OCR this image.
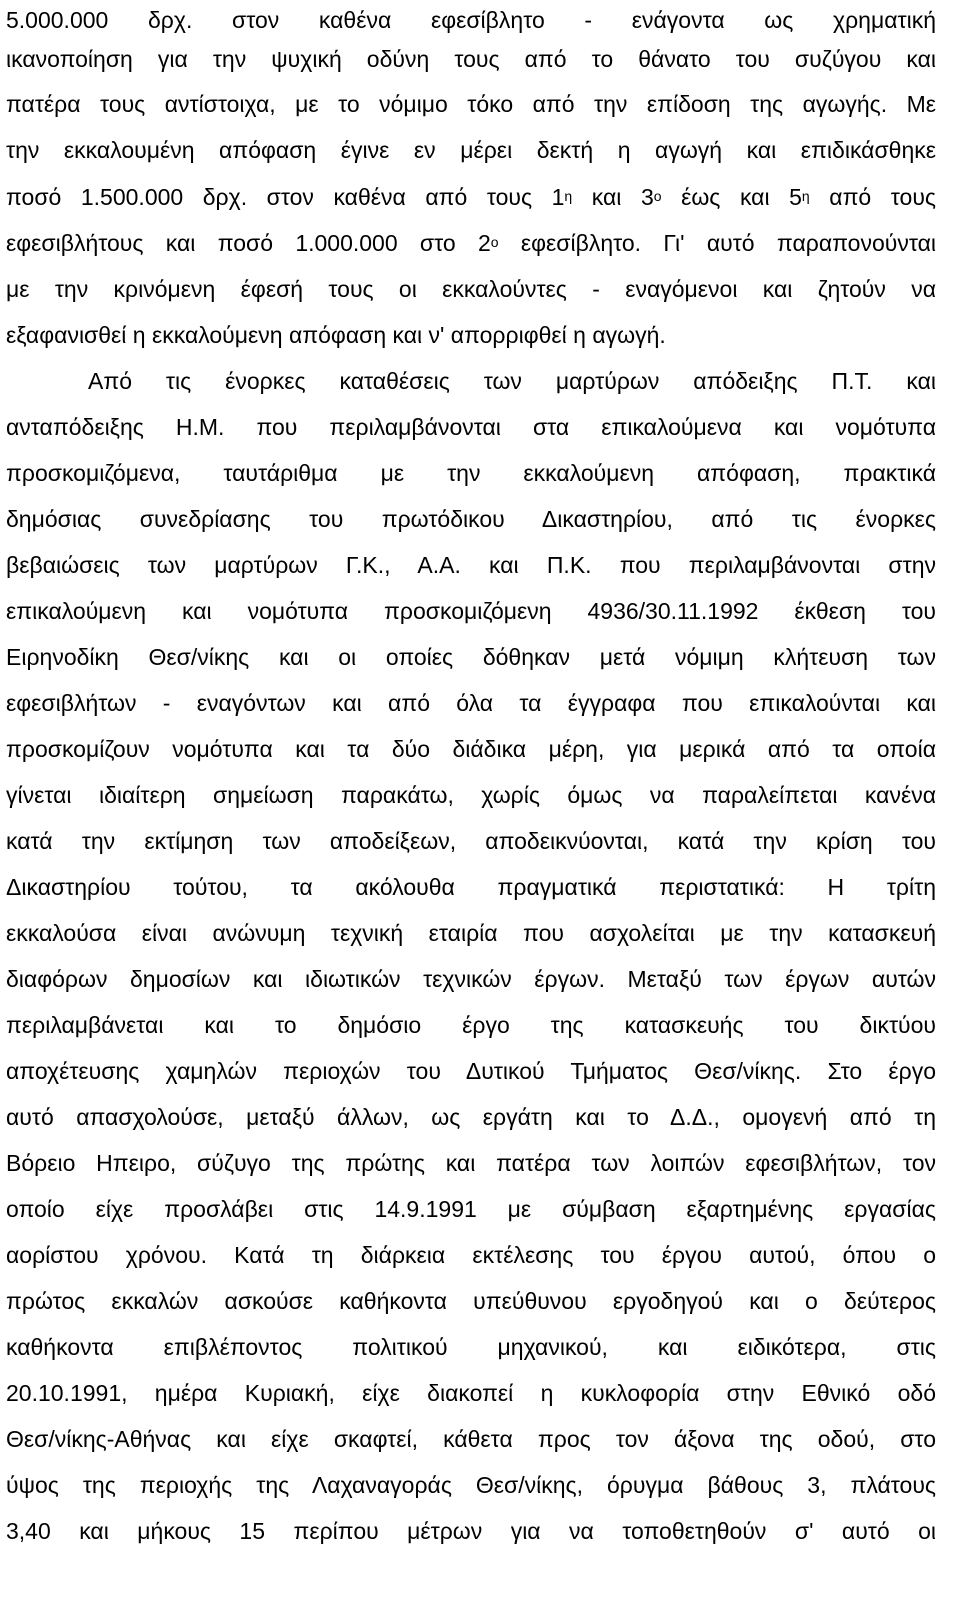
5.000.000 δρχ. στον καθένα εφεσίβλητο - ενάγοντα ως χρηματική
ικανοποίηση για την ψυχική οδύνη τους από το θάνατο του συζύγου και
πατέρα τους αντίστοιχα, με το νόμιμο τόκο από την επίδοση της αγωγής. Με
την εκκαλουμένη απόφαση έγινε εν μέρει δεκτή η αγωγή και επιδικάσθηκε
ποσό 1.500.000 δρχ. στον καθένα από τους $1^\eta$ και $3^o$ έως και $5^\eta$ από τους
εφεσιβλήτους και ποσό 1.000.000 στο $2^o$ εφεσίβλητο. Γι' αυτό παραπονούνται
με την κρινόμενη έφεσή τους οι εκκαλούντες - εναγόμενοι και ζητούν να
εξαφανισθεί η εκκαλούμενη απόφαση και ν' απορριφθεί η αγωγή.
Από τις ένορκες καταθέσεις των μαρτύρων απόδειξης Π.Τ. και
ανταπόδειξης Η.Μ. που περιλαμβάνονται στα επικαλούμενα και νομότυπα
προσκομιζόμενα, ταυτάριθμα με την εκκαλούμενη απόφαση, πρακτικά
δημόσιας συνεδρίασης του πρωτόδικου Δικαστηρίου, από τις ένορκες
βεβαιώσεις των μαρτύρων Γ.Κ., Α.Α. και Π.Κ. που περιλαμβάνονται στην
επικαλούμενη και νομότυπα προσκομιζόμενη 4936/30.11.1992 έκθεση του
Ειρηνοδίκη Θεσ/νίκης και οι οποίες δόθηκαν μετά νόμιμη κλήτευση των
εφεσιβλήτων - εναγόντων και από όλα τα έγγραφα που επικαλούνται και
προσκομίζουν νομότυπα και τα δύο διάδικα μέρη, για μερικά από τα οποία
γίνεται ιδιαίτερη σημείωση παρακάτω, χωρίς όμως να παραλείπεται κανένα
κατά την εκτίμηση των αποδείξεων, αποδεικνύονται, κατά την κρίση του
Δικαστηρίου τούτου, τα ακόλουθα πραγματικά περιστατικά: Η τρίτη
εκκαλούσα είναι ανώνυμη τεχνική εταιρία που ασχολείται με την κατασκευή
διαφόρων δημοσίων και ιδιωτικών τεχνικών έργων. Μεταξύ των έργων αυτών
περιλαμβάνεται και το δημόσιο έργο της κατασκευής του δικτύου
αποχέτευσης χαμηλών περιοχών του Δυτικού Τμήματος Θεσ/νίκης. Στο έργο
αυτό απασχολούσε, μεταξύ άλλων, ως εργάτη και το Δ.Δ., ομογενή από τη
Βόρειο Ηπειρο, σύζυγο της πρώτης και πατέρα των λοιπών εφεσιβλήτων, τον
οποίο είχε προσλάβει στις 14.9.1991 με σύμβαση εξαρτημένης εργασίας
αορίστου χρόνου. Κατά τη διάρκεια εκτέλεσης του έργου αυτού, όπου ο
πρώτος εκκαλών ασκούσε καθήκοντα υπεύθυνου εργοδηγού και ο δεύτερος
καθήκοντα επιβλέποντος πολιτικού μηχανικού, και ειδικότερα, στις
20.10.1991, ημέρα Κυριακή, είχε διακοπεί η κυκλοφορία στην Εθνικό οδό
Θεσ/νίκης-Αθήνας και είχε σκαφτεί, κάθετα προς τον άξονα της οδού, στο
ύψος της περιοχής της Λαχαναγοράς Θεσ/νίκης, όρυγμα βάθους 3, πλάτους
3,40 και μήκους 15 περίπου μέτρων για να τοποθετηθούν σ' αυτό οι
